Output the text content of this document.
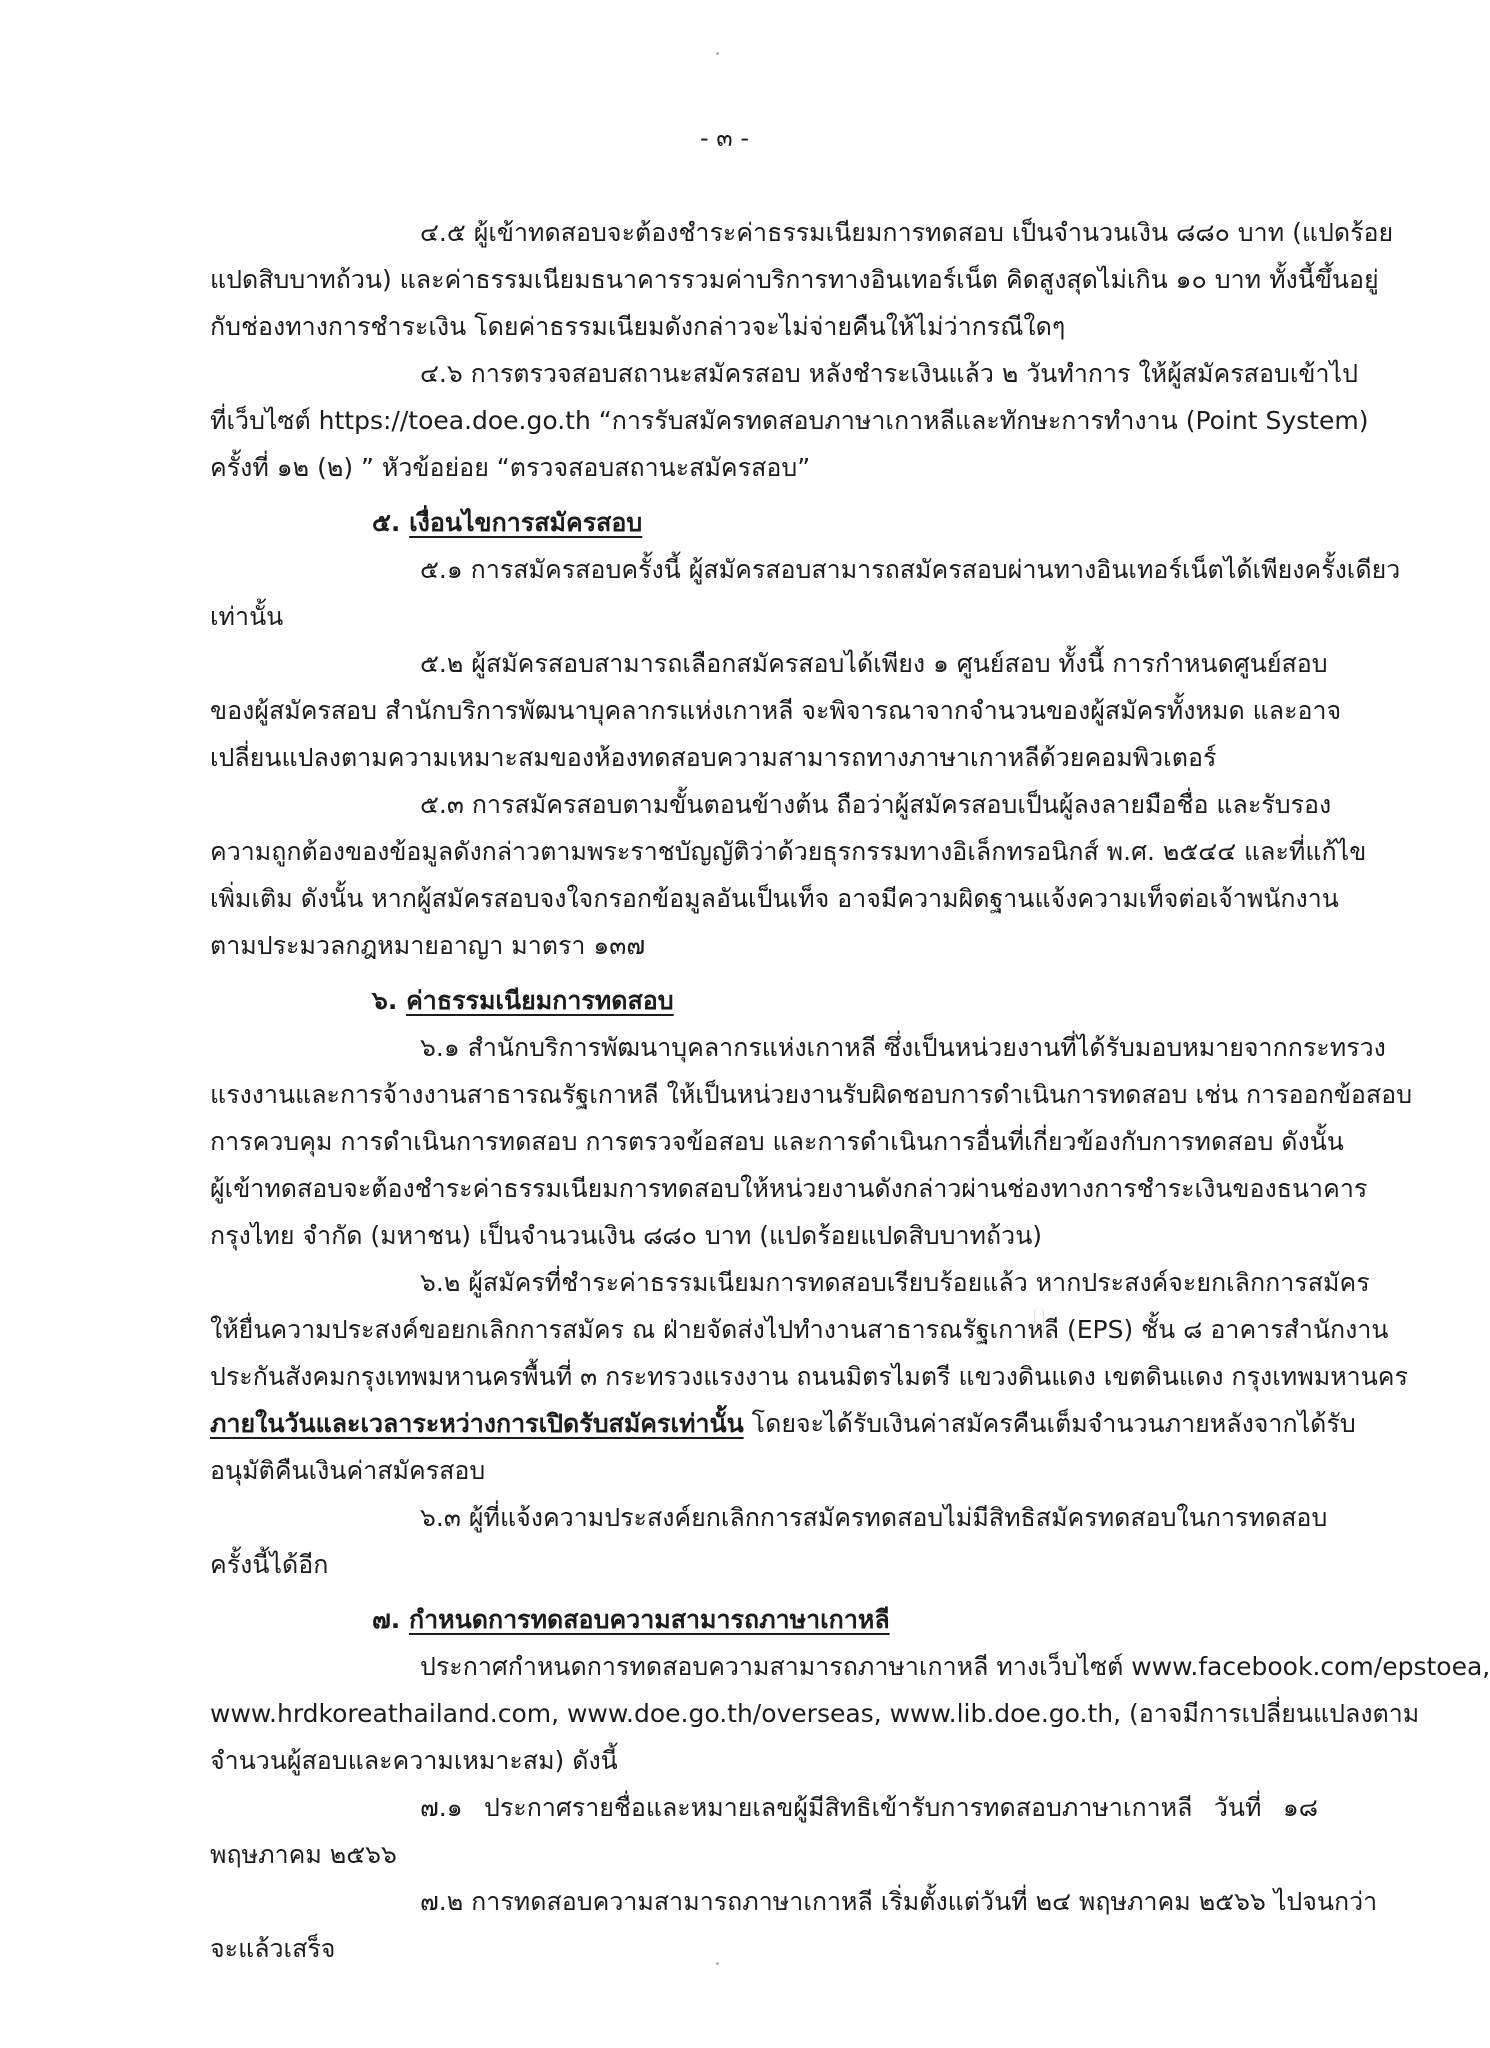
- ๓ -
๔.๕ ผู้เข้าทดสอบจะต้องชำระค่าธรรมเนียมการทดสอบ เป็นจำนวนเงิน ๘๘๐ บาท (แปดร้อย
แปดสิบบาทถ้วน) และค่าธรรมเนียมธนาคารรวมค่าบริการทางอินเทอร์เน็ต คิดสูงสุดไม่เกิน ๑๐ บาท ทั้งนี้ขึ้นอยู่
กับช่องทางการชำระเงิน โดยค่าธรรมเนียมดังกล่าวจะไม่จ่ายคืนให้ไม่ว่ากรณีใดๆ
๔.๖ การตรวจสอบสถานะสมัครสอบ หลังชำระเงินแล้ว ๒ วันทำการ ให้ผู้สมัครสอบเข้าไป
ที่เว็บไซต์ https://toea.doe.go.th “การรับสมัครทดสอบภาษาเกาหลีและทักษะการทำงาน (Point System)
ครั้งที่ ๑๒ (๒) ” หัวข้อย่อย “ตรวจสอบสถานะสมัครสอบ”
๕. เงื่อนไขการสมัครสอบ
๕.๑ การสมัครสอบครั้งนี้ ผู้สมัครสอบสามารถสมัครสอบผ่านทางอินเทอร์เน็ตได้เพียงครั้งเดียว
เท่านั้น
๕.๒ ผู้สมัครสอบสามารถเลือกสมัครสอบได้เพียง ๑ ศูนย์สอบ ทั้งนี้ การกำหนดศูนย์สอบ
ของผู้สมัครสอบ สำนักบริการพัฒนาบุคลากรแห่งเกาหลี จะพิจารณาจากจำนวนของผู้สมัครทั้งหมด และอาจ
เปลี่ยนแปลงตามความเหมาะสมของห้องทดสอบความสามารถทางภาษาเกาหลีด้วยคอมพิวเตอร์
๕.๓ การสมัครสอบตามขั้นตอนข้างต้น ถือว่าผู้สมัครสอบเป็นผู้ลงลายมือชื่อ และรับรอง
ความถูกต้องของข้อมูลดังกล่าวตามพระราชบัญญัติว่าด้วยธุรกรรมทางอิเล็กทรอนิกส์ พ.ศ. ๒๕๔๔ และที่แก้ไข
เพิ่มเติม ดังนั้น หากผู้สมัครสอบจงใจกรอกข้อมูลอันเป็นเท็จ อาจมีความผิดฐานแจ้งความเท็จต่อเจ้าพนักงาน
ตามประมวลกฎหมายอาญา มาตรา ๑๓๗
๖. ค่าธรรมเนียมการทดสอบ
๖.๑ สำนักบริการพัฒนาบุคลากรแห่งเกาหลี ซึ่งเป็นหน่วยงานที่ได้รับมอบหมายจากกระทรวง
แรงงานและการจ้างงานสาธารณรัฐเกาหลี ให้เป็นหน่วยงานรับผิดชอบการดำเนินการทดสอบ เช่น การออกข้อสอบ
การควบคุม การดำเนินการทดสอบ การตรวจข้อสอบ และการดำเนินการอื่นที่เกี่ยวข้องกับการทดสอบ ดังนั้น
ผู้เข้าทดสอบจะต้องชำระค่าธรรมเนียมการทดสอบให้หน่วยงานดังกล่าวผ่านช่องทางการชำระเงินของธนาคาร
กรุงไทย จำกัด (มหาชน) เป็นจำนวนเงิน ๘๘๐ บาท (แปดร้อยแปดสิบบาทถ้วน)
๖.๒ ผู้สมัครที่ชำระค่าธรรมเนียมการทดสอบเรียบร้อยแล้ว หากประสงค์จะยกเลิกการสมัคร
ให้ยื่นความประสงค์ขอยกเลิกการสมัคร ณ ฝ่ายจัดส่งไปทำงานสาธารณรัฐเกาหลี (EPS) ชั้น ๘ อาคารสำนักงาน
ประกันสังคมกรุงเทพมหานครพื้นที่ ๓ กระทรวงแรงงาน ถนนมิตรไมตรี แขวงดินแดง เขตดินแดง กรุงเทพมหานคร
ภายในวันและเวลาระหว่างการเปิดรับสมัครเท่านั้น โดยจะได้รับเงินค่าสมัครคืนเต็มจำนวนภายหลังจากได้รับ
อนุมัติคืนเงินค่าสมัครสอบ
๖.๓ ผู้ที่แจ้งความประสงค์ยกเลิกการสมัครทดสอบไม่มีสิทธิสมัครทดสอบในการทดสอบ
ครั้งนี้ได้อีก
๗. กำหนดการทดสอบความสามารถภาษาเกาหลี
ประกาศกำหนดการทดสอบความสามารถภาษาเกาหลี ทางเว็บไซต์ www.facebook.com/epstoea,
www.hrdkoreathailand.com, www.doe.go.th/overseas, www.lib.doe.go.th, (อาจมีการเปลี่ยนแปลงตาม
จำนวนผู้สอบและความเหมาะสม) ดังนี้
๗.๑ ประกาศรายชื่อและหมายเลขผู้มีสิทธิเข้ารับการทดสอบภาษาเกาหลี วันที่ ๑๘
พฤษภาคม ๒๕๖๖
๗.๒ การทดสอบความสามารถภาษาเกาหลี เริ่มตั้งแต่วันที่ ๒๔ พฤษภาคม ๒๕๖๖ ไปจนกว่า
จะแล้วเสร็จ
